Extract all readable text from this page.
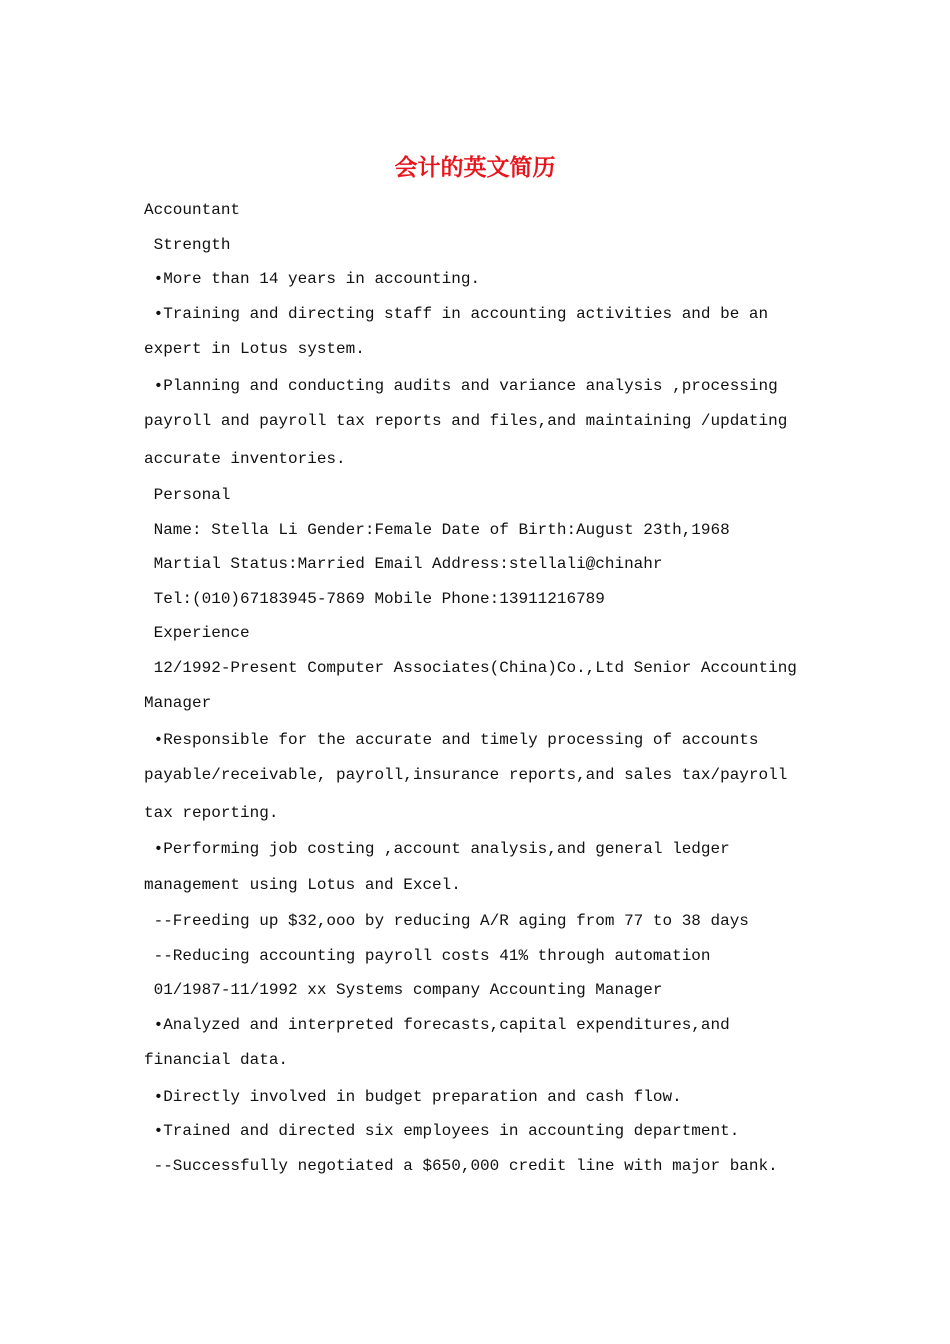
会计的英文简历
Accountant
Strength
•More than 14 years in accounting.
•Training and directing staff in accounting activities and be an
expert in Lotus system.
•Planning and conducting audits and variance analysis ,processing
payroll and payroll tax reports and files,and maintaining /updating
accurate inventories.
Personal
Name: Stella Li Gender:Female Date of Birth:August 23th,1968
Martial Status:Married Email Address:stellali@chinahr
Tel:(010)67183945-7869 Mobile Phone:13911216789
Experience
12/1992-Present Computer Associates(China)Co.,Ltd Senior Accounting
Manager
•Responsible for the accurate and timely processing of accounts
payable/receivable, payroll,insurance reports,and sales tax/payroll
tax reporting.
•Performing job costing ,account analysis,and general ledger
management using Lotus and Excel.
--Freeding up $32,ooo by reducing A/R aging from 77 to 38 days
--Reducing accounting payroll costs 41% through automation
01/1987-11/1992 xx Systems company Accounting Manager
•Analyzed and interpreted forecasts,capital expenditures,and
financial data.
•Directly involved in budget preparation and cash flow.
•Trained and directed six employees in accounting department.
--Successfully negotiated a $650,000 credit line with major bank.
